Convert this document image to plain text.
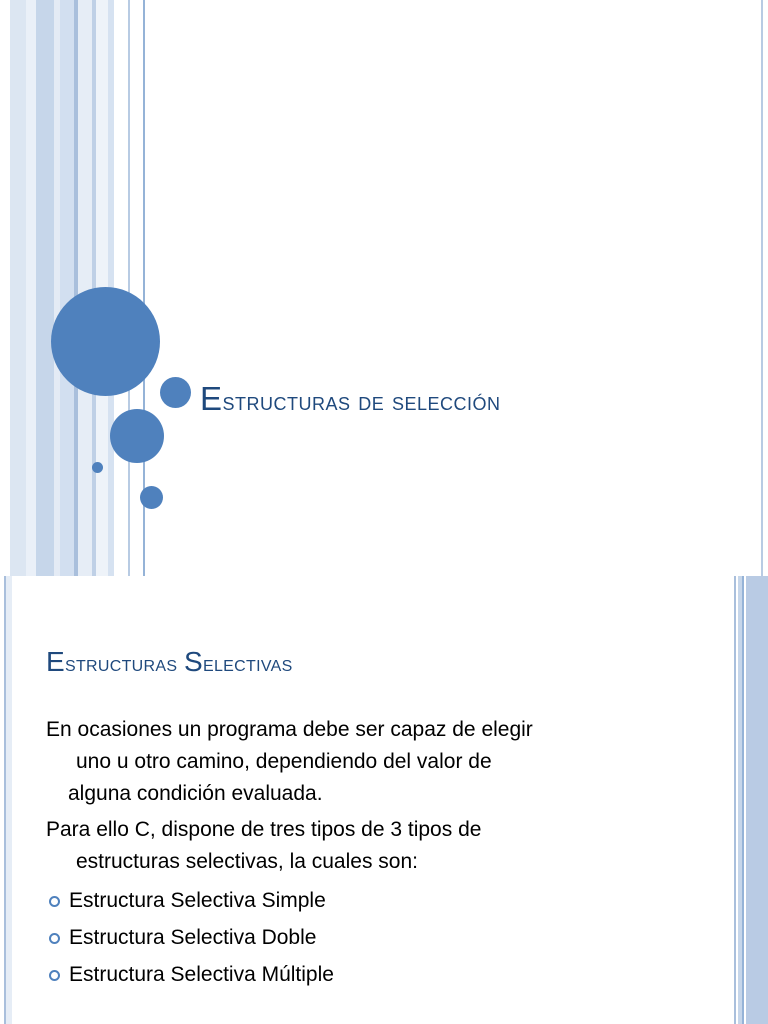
Estructuras de selección
Estructuras Selectivas

En ocasiones un programa debe ser capaz de elegir
uno u otro camino, dependiendo del valor de
alguna condición evaluada.

Para ello C, dispone de tres tipos de 3 tipos de
estructuras selectivas, la cuales son:

Estructura Selectiva Simple
Estructura Selectiva Doble
Estructura Selectiva Múltiple
